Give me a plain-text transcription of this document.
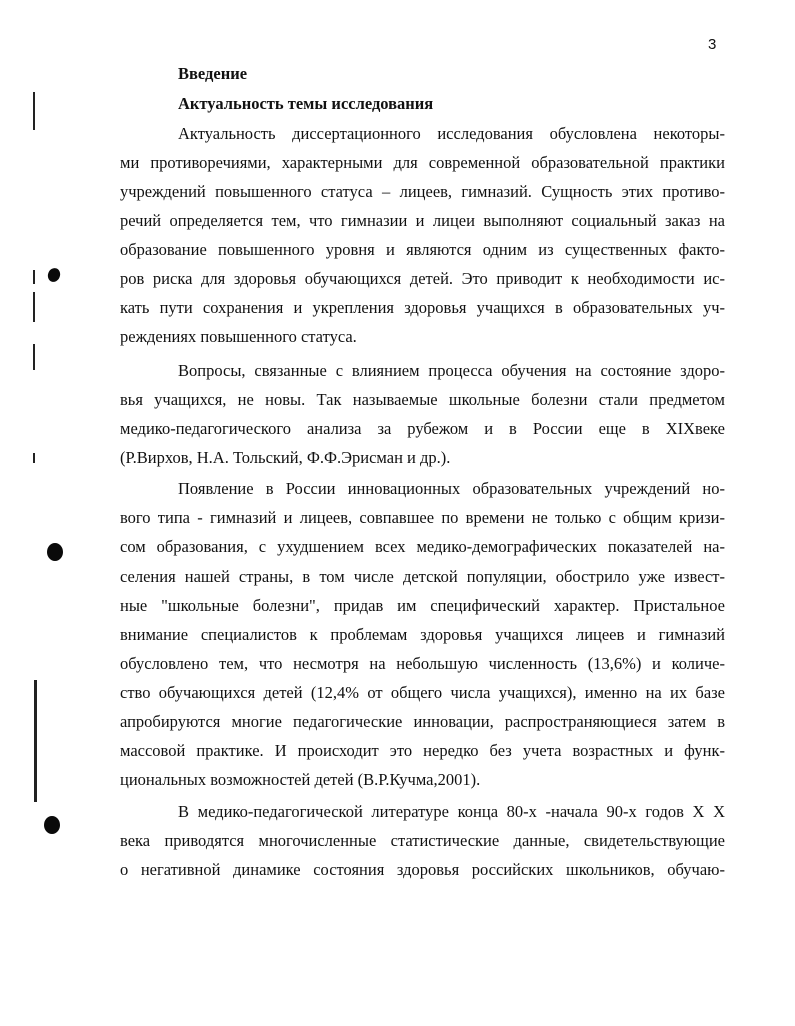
3
Введение
Актуальность темы исследования
Актуальность диссертационного исследования обусловлена некоторы-
ми противоречиями, характерными для современной образовательной практики
учреждений повышенного статуса – лицеев, гимназий. Сущность этих противо-
речий определяется тем, что гимназии и лицеи выполняют социальный заказ на
образование повышенного уровня и являются одним из существенных факто-
ров риска для здоровья обучающихся детей. Это приводит к необходимости ис-
кать пути сохранения и укрепления здоровья учащихся в образовательных уч-
реждениях повышенного статуса.
Вопросы, связанные с влиянием процесса обучения на состояние здоро-
вья учащихся, не новы. Так называемые школьные болезни стали предметом
медико-педагогического анализа за рубежом и в России еще в XIXвеке
(Р.Вирхов, Н.А. Тольский, Ф.Ф.Эрисман и др.).
Появление в России инновационных образовательных учреждений но-
вого типа - гимназий и лицеев, совпавшее по времени не только с общим кризи-
сом образования, с ухудшением всех медико-демографических показателей на-
селения нашей страны, в том числе детской популяции, обострило уже извест-
ные "школьные болезни", придав им специфический характер. Пристальное
внимание специалистов к проблемам здоровья учащихся лицеев и гимназий
обусловлено тем, что несмотря на небольшую численность (13,6%) и количе-
ство обучающихся детей (12,4% от общего числа учащихся), именно на их базе
апробируются многие педагогические инновации, распространяющиеся затем в
массовой практике. И происходит это нередко без учета возрастных и функ-
циональных возможностей детей (В.Р.Кучма,2001).
В медико-педагогической литературе конца 80-х -начала 90-х годов Х Х
века приводятся многочисленные статистические данные, свидетельствующие
о негативной динамике состояния здоровья российских школьников, обучаю-
